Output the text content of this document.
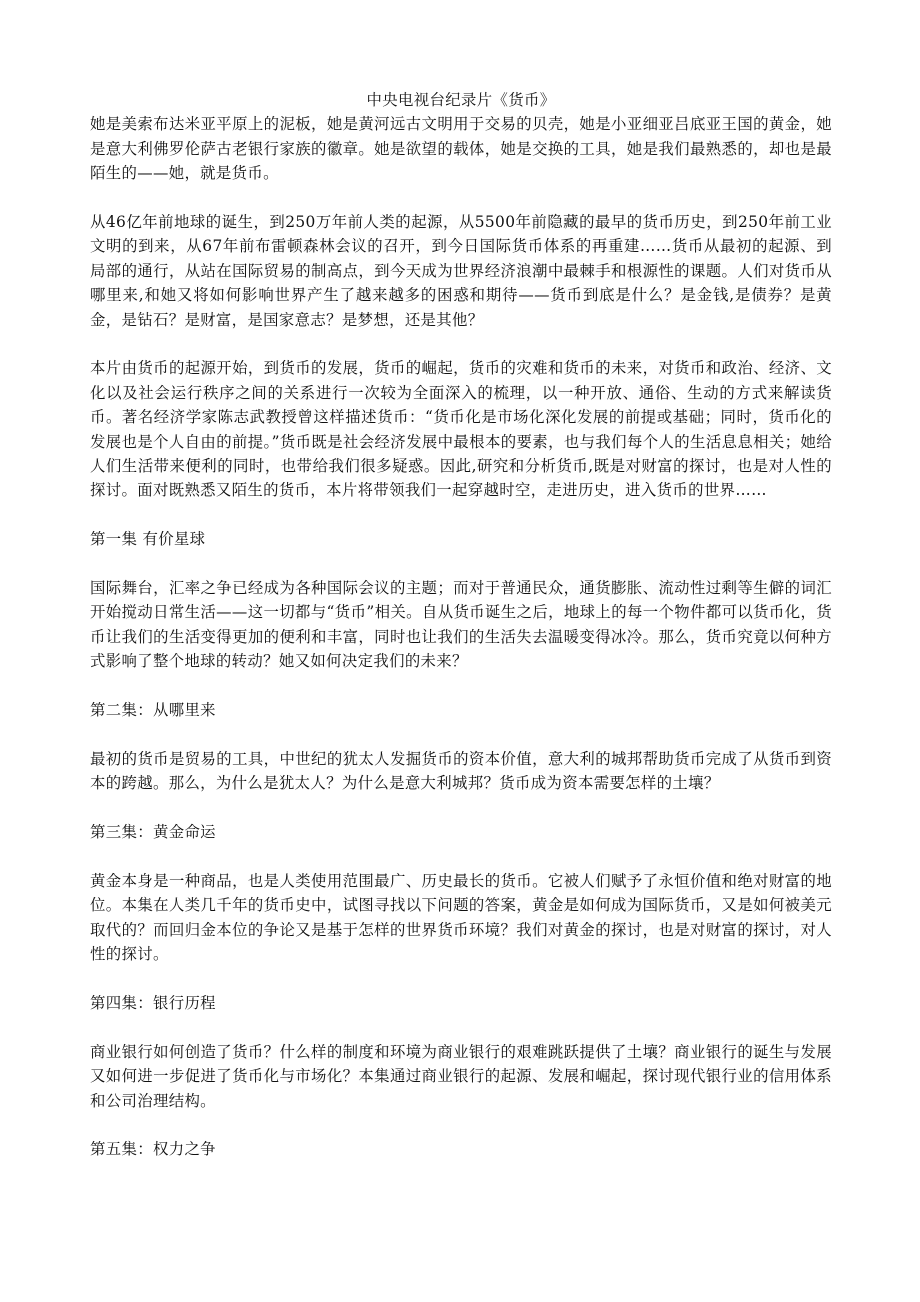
中央电视台纪录片《货币》

她是美索布达米亚平原上的泥板，她是黄河远古文明用于交易的贝壳，她是小亚细亚吕底亚王国的黄金，她是意大利佛罗伦萨古老银行家族的徽章。她是欲望的载体，她是交换的工具，她是我们最熟悉的，却也是最陌生的——她，就是货币。

从46亿年前地球的诞生，到250万年前人类的起源，从5500年前隐藏的最早的货币历史，到250年前工业文明的到来，从67年前布雷顿森林会议的召开，到今日国际货币体系的再重建……货币从最初的起源、到局部的通行，从站在国际贸易的制高点，到今天成为世界经济浪潮中最棘手和根源性的课题。人们对货币从哪里来,和她又将如何影响世界产生了越来越多的困惑和期待——货币到底是什么？是金钱,是债券？是黄金，是钻石？是财富，是国家意志？是梦想，还是其他？

本片由货币的起源开始，到货币的发展，货币的崛起，货币的灾难和货币的未来，对货币和政治、经济、文化以及社会运行秩序之间的关系进行一次较为全面深入的梳理，以一种开放、通俗、生动的方式来解读货币。著名经济学家陈志武教授曾这样描述货币：“货币化是市场化深化发展的前提或基础；同时，货币化的发展也是个人自由的前提。”货币既是社会经济发展中最根本的要素，也与我们每个人的生活息息相关；她给人们生活带来便利的同时，也带给我们很多疑惑。因此,研究和分析货币,既是对财富的探讨，也是对人性的探讨。面对既熟悉又陌生的货币，本片将带领我们一起穿越时空，走进历史，进入货币的世界……

第一集 有价星球

国际舞台，汇率之争已经成为各种国际会议的主题；而对于普通民众，通货膨胀、流动性过剩等生僻的词汇开始搅动日常生活——这一切都与“货币”相关。自从货币诞生之后，地球上的每一个物件都可以货币化，货币让我们的生活变得更加的便利和丰富，同时也让我们的生活失去温暖变得冰冷。那么，货币究竟以何种方式影响了整个地球的转动？她又如何决定我们的未来？

第二集：从哪里来

最初的货币是贸易的工具，中世纪的犹太人发掘货币的资本价值，意大利的城邦帮助货币完成了从货币到资本的跨越。那么，为什么是犹太人？为什么是意大利城邦？货币成为资本需要怎样的土壤？

第三集：黄金命运

黄金本身是一种商品，也是人类使用范围最广、历史最长的货币。它被人们赋予了永恒价值和绝对财富的地位。本集在人类几千年的货币史中，试图寻找以下问题的答案，黄金是如何成为国际货币，又是如何被美元取代的？而回归金本位的争论又是基于怎样的世界货币环境？我们对黄金的探讨，也是对财富的探讨，对人性的探讨。

第四集：银行历程

商业银行如何创造了货币？什么样的制度和环境为商业银行的艰难跳跃提供了土壤？商业银行的诞生与发展又如何进一步促进了货币化与市场化？本集通过商业银行的起源、发展和崛起，探讨现代银行业的信用体系和公司治理结构。

第五集：权力之争
